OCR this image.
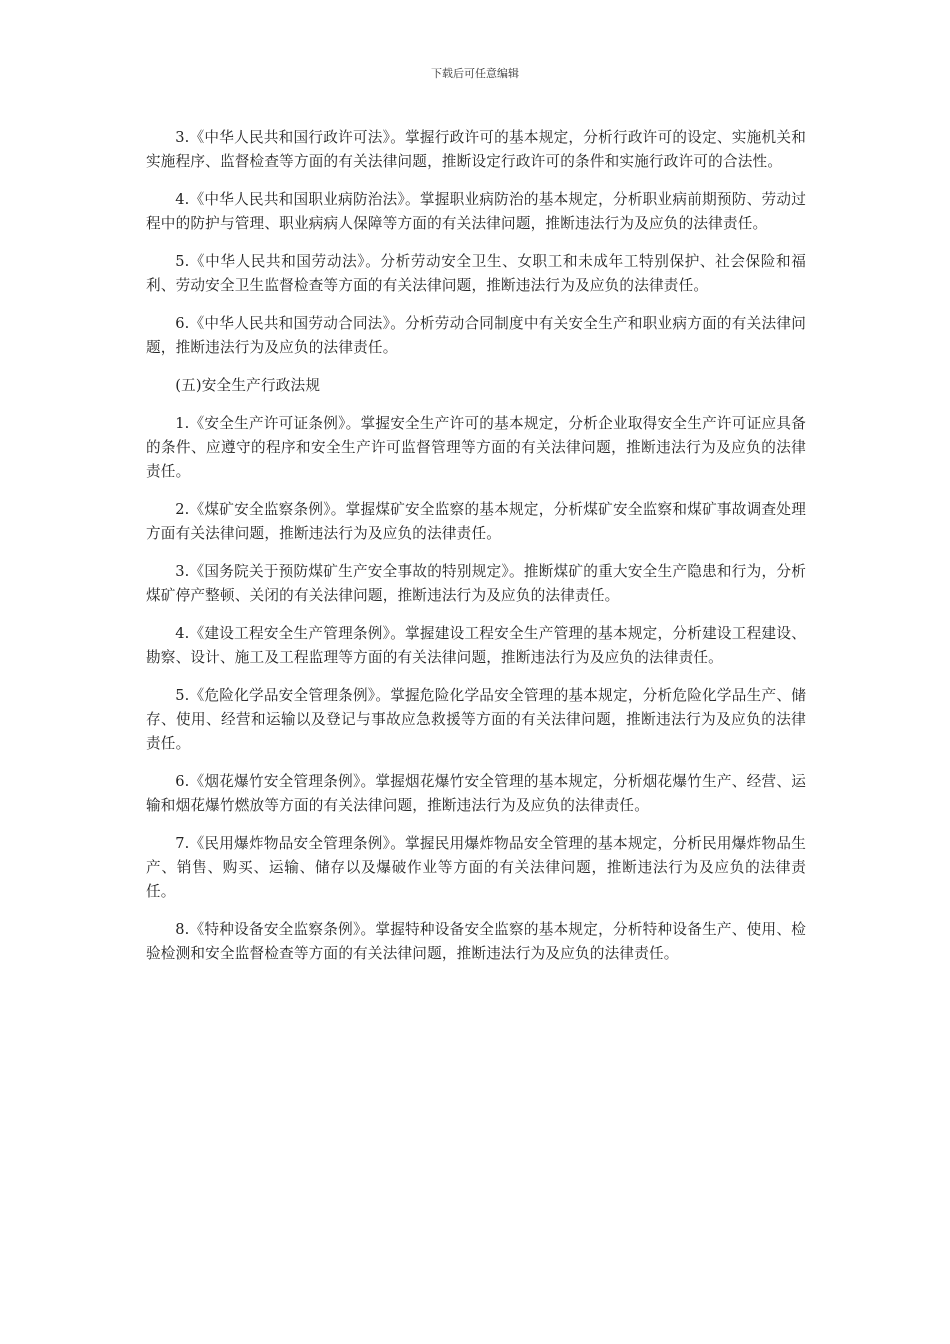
下载后可任意编辑

3.《中华人民共和国行政许可法》。掌握行政许可的基本规定，分析行政许可的设定、实施机关和实施程序、监督检查等方面的有关法律问题，推断设定行政许可的条件和实施行政许可的合法性。

4.《中华人民共和国职业病防治法》。掌握职业病防治的基本规定，分析职业病前期预防、劳动过程中的防护与管理、职业病病人保障等方面的有关法律问题，推断违法行为及应负的法律责任。

5.《中华人民共和国劳动法》。分析劳动安全卫生、女职工和未成年工特别保护、社会保险和福利、劳动安全卫生监督检查等方面的有关法律问题，推断违法行为及应负的法律责任。

6.《中华人民共和国劳动合同法》。分析劳动合同制度中有关安全生产和职业病方面的有关法律问题，推断违法行为及应负的法律责任。

(五)安全生产行政法规

1.《安全生产许可证条例》。掌握安全生产许可的基本规定，分析企业取得安全生产许可证应具备的条件、应遵守的程序和安全生产许可监督管理等方面的有关法律问题，推断违法行为及应负的法律责任。

2.《煤矿安全监察条例》。掌握煤矿安全监察的基本规定，分析煤矿安全监察和煤矿事故调查处理方面有关法律问题，推断违法行为及应负的法律责任。

3.《国务院关于预防煤矿生产安全事故的特别规定》。推断煤矿的重大安全生产隐患和行为，分析煤矿停产整顿、关闭的有关法律问题，推断违法行为及应负的法律责任。

4.《建设工程安全生产管理条例》。掌握建设工程安全生产管理的基本规定，分析建设工程建设、勘察、设计、施工及工程监理等方面的有关法律问题，推断违法行为及应负的法律责任。

5.《危险化学品安全管理条例》。掌握危险化学品安全管理的基本规定，分析危险化学品生产、储存、使用、经营和运输以及登记与事故应急救援等方面的有关法律问题，推断违法行为及应负的法律责任。

6.《烟花爆竹安全管理条例》。掌握烟花爆竹安全管理的基本规定，分析烟花爆竹生产、经营、运输和烟花爆竹燃放等方面的有关法律问题，推断违法行为及应负的法律责任。

7.《民用爆炸物品安全管理条例》。掌握民用爆炸物品安全管理的基本规定，分析民用爆炸物品生产、销售、购买、运输、储存以及爆破作业等方面的有关法律问题，推断违法行为及应负的法律责任。

8.《特种设备安全监察条例》。掌握特种设备安全监察的基本规定，分析特种设备生产、使用、检验检测和安全监督检查等方面的有关法律问题，推断违法行为及应负的法律责任。
